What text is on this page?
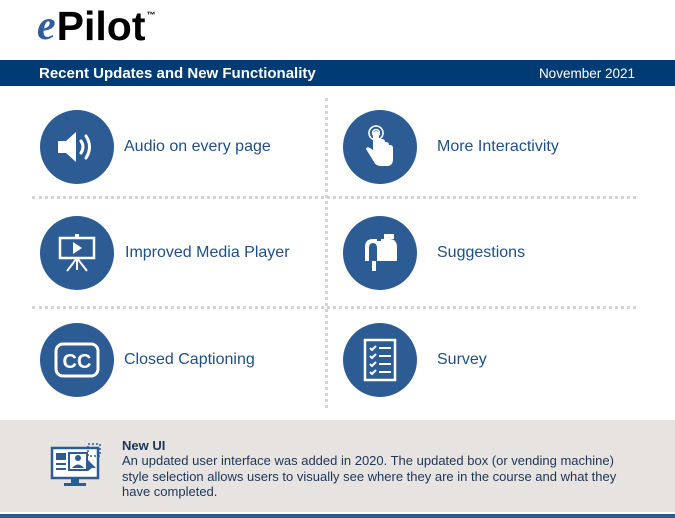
e Pilot ™
Recent Updates and New Functionality	November 2021
Audio on every page	More Interactivity
Improved Media Player	Suggestions
CC Closed Captioning	Survey
New UI
An updated user interface was added in 2020. The updated box (or vending machine) style selection allows users to visually see where they are in the course and what they have completed.
